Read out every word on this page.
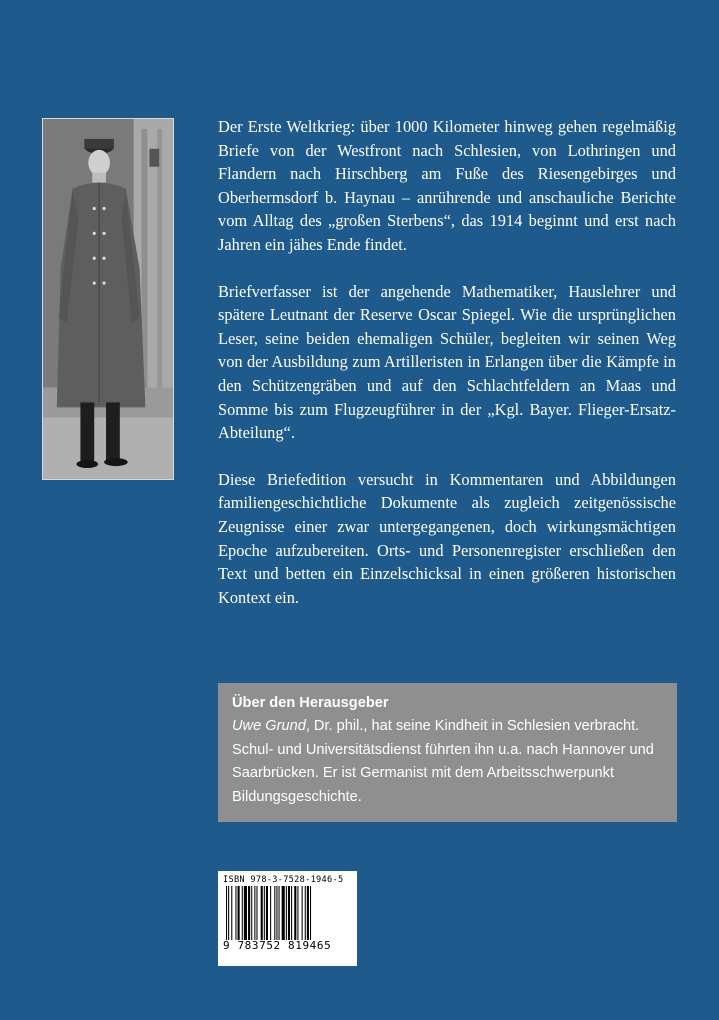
Der Erste Weltkrieg: über 1000 Kilometer hinweg gehen regelmäßig Briefe von der Westfront nach Schlesien, von Lothringen und Flandern nach Hirschberg am Fuße des Riesengebirges und Oberhermsdorf b. Haynau – anrührende und anschauliche Berichte vom Alltag des „großen Sterbens“, das 1914 beginnt und erst nach Jahren ein jähes Ende findet.

Briefverfasser ist der angehende Mathematiker, Hauslehrer und spätere Leutnant der Reserve Oscar Spiegel. Wie die ursprünglichen Leser, seine beiden ehemaligen Schüler, begleiten wir seinen Weg von der Ausbildung zum Artilleristen in Erlangen über die Kämpfe in den Schützengräben und auf den Schlachtfeldern an Maas und Somme bis zum Flugzeugführer in der „Kgl. Bayer. Flieger-Ersatz-Abteilung“.

Diese Briefedition versucht in Kommentaren und Abbildungen familiengeschichtliche Dokumente als zugleich zeitgenössische Zeugnisse einer zwar untergegangenen, doch wirkungsmächtigen Epoche aufzubereiten. Orts- und Personenregister erschließen den Text und betten ein Einzelschicksal in einen größeren historischen Kontext ein.

Über den Herausgeber
Uwe Grund, Dr. phil., hat seine Kindheit in Schlesien verbracht. Schul- und Universitätsdienst führten ihn u.a. nach Hannover und Saarbrücken. Er ist Germanist mit dem Arbeitsschwerpunkt Bildungsgeschichte.
ISBN 978-3-7528-1946-5
9 783752 819465
